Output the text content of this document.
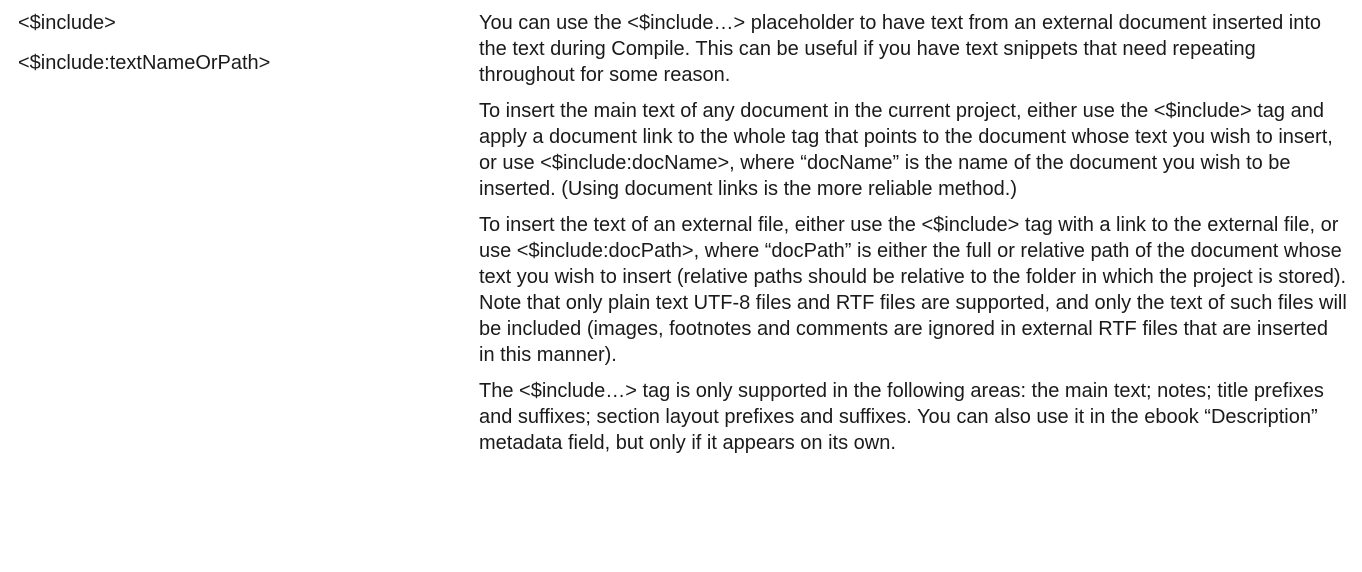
<$include>
<$include:textNameOrPath>

You can use the <$include…> placeholder to have text from an external document inserted into the text during Compile. This can be useful if you have text snippets that need repeating throughout for some reason.

To insert the main text of any document in the current project, either use the <$include> tag and apply a document link to the whole tag that points to the document whose text you wish to insert, or use <$include:docName>, where “docName” is the name of the document you wish to be inserted. (Using document links is the more reliable method.)

To insert the text of an external file, either use the <$include> tag with a link to the external file, or use <$include:docPath>, where “docPath” is either the full or relative path of the document whose text you wish to insert (relative paths should be relative to the folder in which the project is stored). Note that only plain text UTF-8 files and RTF files are supported, and only the text of such files will be included (images, footnotes and comments are ignored in external RTF files that are inserted in this manner).

The <$include…> tag is only supported in the following areas: the main text; notes; title prefixes and suffixes; section layout prefixes and suffixes. You can also use it in the ebook “Description” metadata field, but only if it appears on its own.
